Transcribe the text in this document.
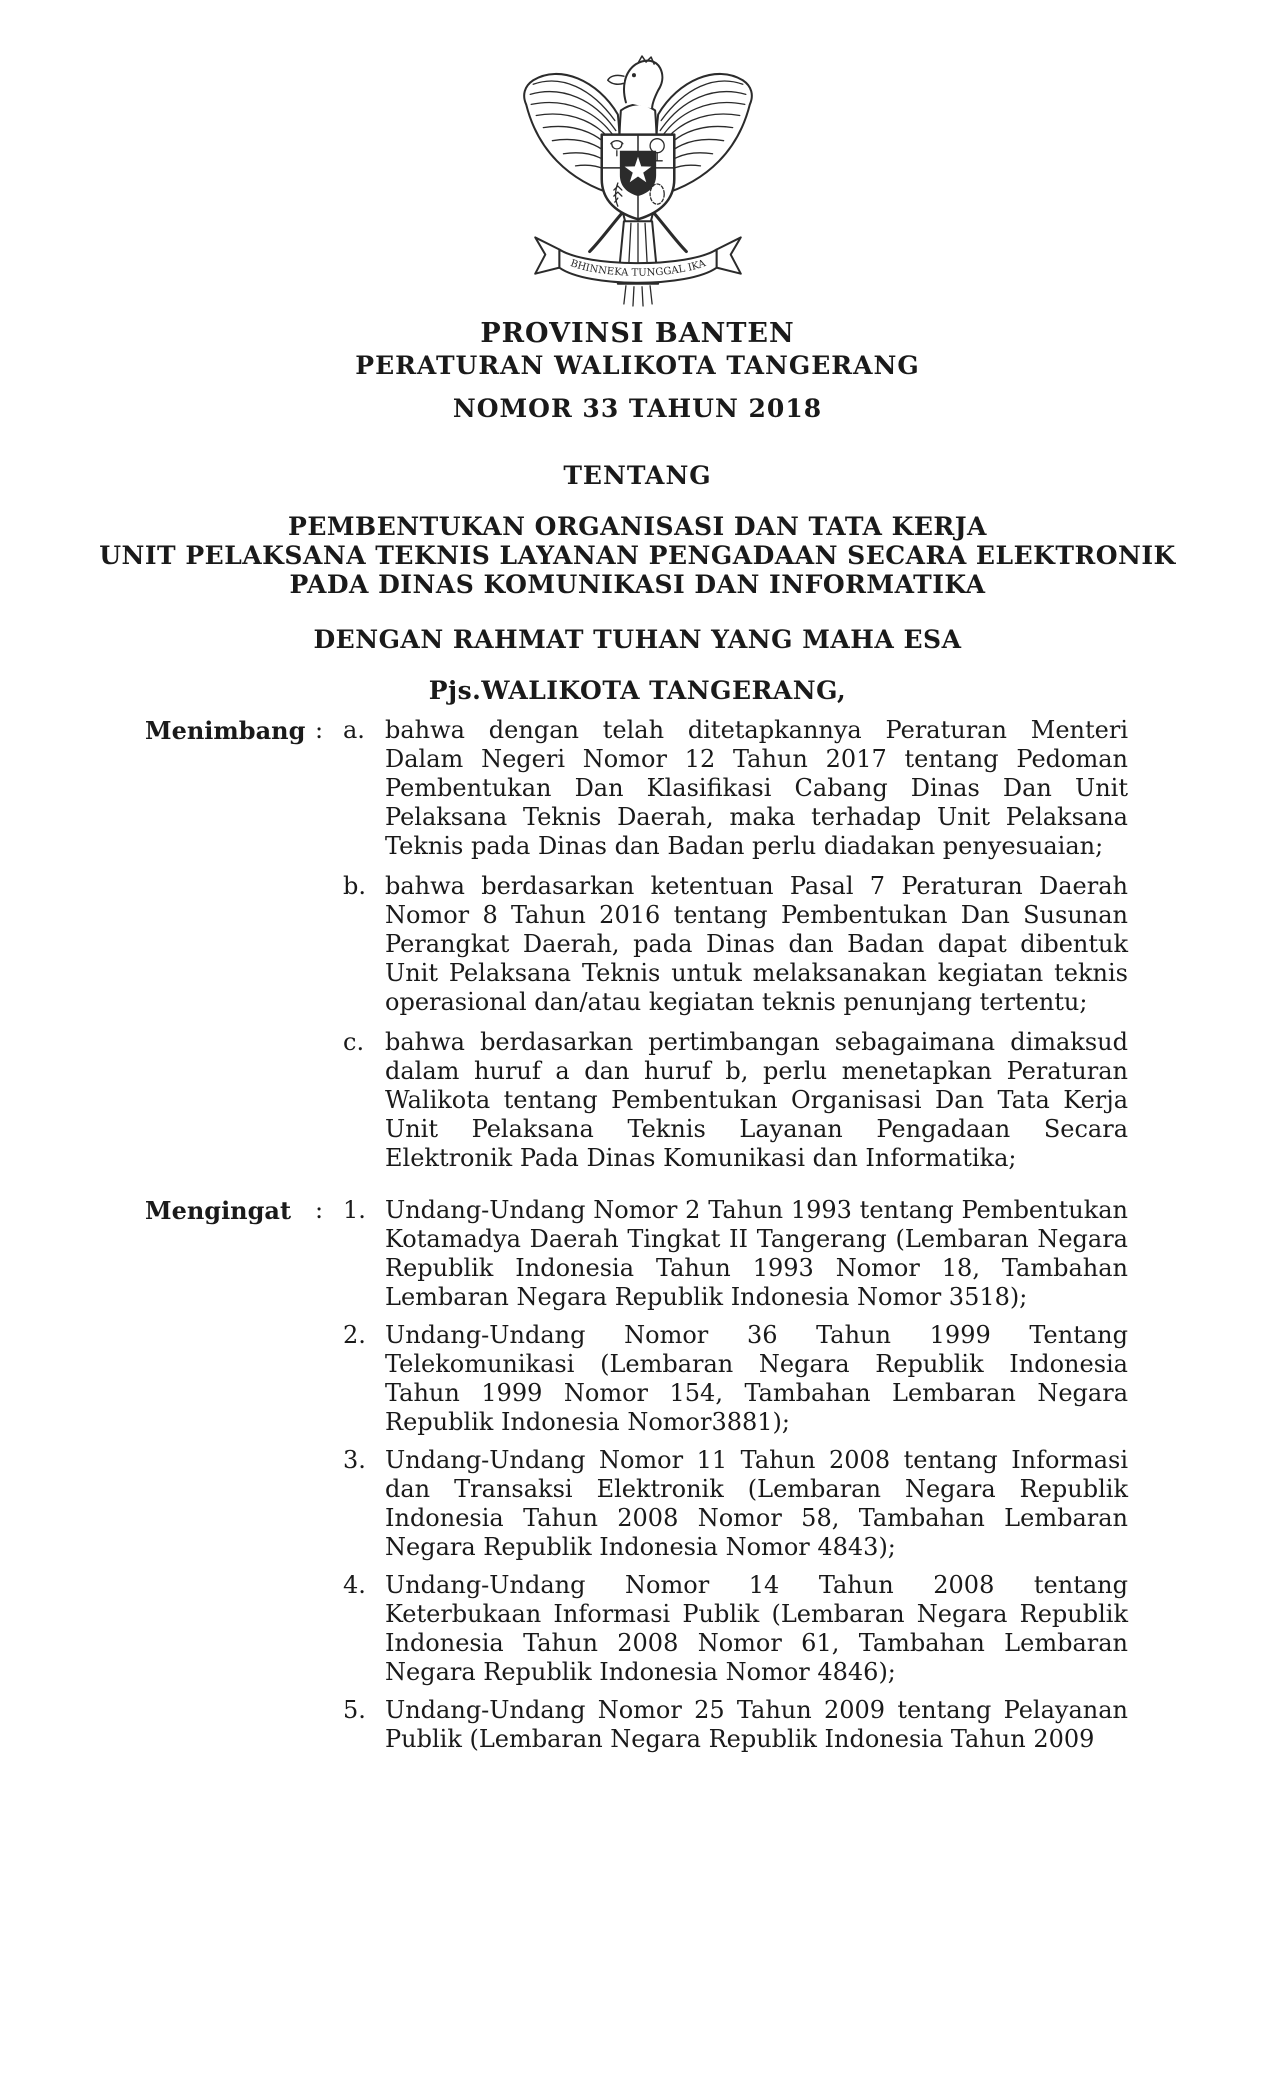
BHINNEKA TUNGGAL IKA
PROVINSI BANTEN
PERATURAN WALIKOTA TANGERANG
NOMOR 33 TAHUN 2018
TENTANG
PEMBENTUKAN ORGANISASI DAN TATA KERJA
UNIT PELAKSANA TEKNIS LAYANAN PENGADAAN SECARA ELEKTRONIK
PADA DINAS KOMUNIKASI DAN INFORMATIKA
DENGAN RAHMAT TUHAN YANG MAHA ESA
Pjs.WALIKOTA TANGERANG,
Menimbang : a. bahwa dengan telah ditetapkannya Peraturan Menteri Dalam Negeri Nomor 12 Tahun 2017 tentang Pedoman Pembentukan Dan Klasifikasi Cabang Dinas Dan Unit Pelaksana Teknis Daerah, maka terhadap Unit Pelaksana Teknis pada Dinas dan Badan perlu diadakan penyesuaian;
b. bahwa berdasarkan ketentuan Pasal 7 Peraturan Daerah Nomor 8 Tahun 2016 tentang Pembentukan Dan Susunan Perangkat Daerah, pada Dinas dan Badan dapat dibentuk Unit Pelaksana Teknis untuk melaksanakan kegiatan teknis operasional dan/atau kegiatan teknis penunjang tertentu;
c. bahwa berdasarkan pertimbangan sebagaimana dimaksud dalam huruf a dan huruf b, perlu menetapkan Peraturan Walikota tentang Pembentukan Organisasi Dan Tata Kerja Unit Pelaksana Teknis Layanan Pengadaan Secara Elektronik Pada Dinas Komunikasi dan Informatika;
Mengingat : 1. Undang-Undang Nomor 2 Tahun 1993 tentang Pembentukan Kotamadya Daerah Tingkat II Tangerang (Lembaran Negara Republik Indonesia Tahun 1993 Nomor 18, Tambahan Lembaran Negara Republik Indonesia Nomor 3518);
2. Undang-Undang Nomor 36 Tahun 1999 Tentang Telekomunikasi (Lembaran Negara Republik Indonesia Tahun 1999 Nomor 154, Tambahan Lembaran Negara Republik Indonesia Nomor3881);
3. Undang-Undang Nomor 11 Tahun 2008 tentang Informasi dan Transaksi Elektronik (Lembaran Negara Republik Indonesia Tahun 2008 Nomor 58, Tambahan Lembaran Negara Republik Indonesia Nomor 4843);
4. Undang-Undang Nomor 14 Tahun 2008 tentang Keterbukaan Informasi Publik (Lembaran Negara Republik Indonesia Tahun 2008 Nomor 61, Tambahan Lembaran Negara Republik Indonesia Nomor 4846);
5. Undang-Undang Nomor 25 Tahun 2009 tentang Pelayanan Publik (Lembaran Negara Republik Indonesia Tahun 2009
